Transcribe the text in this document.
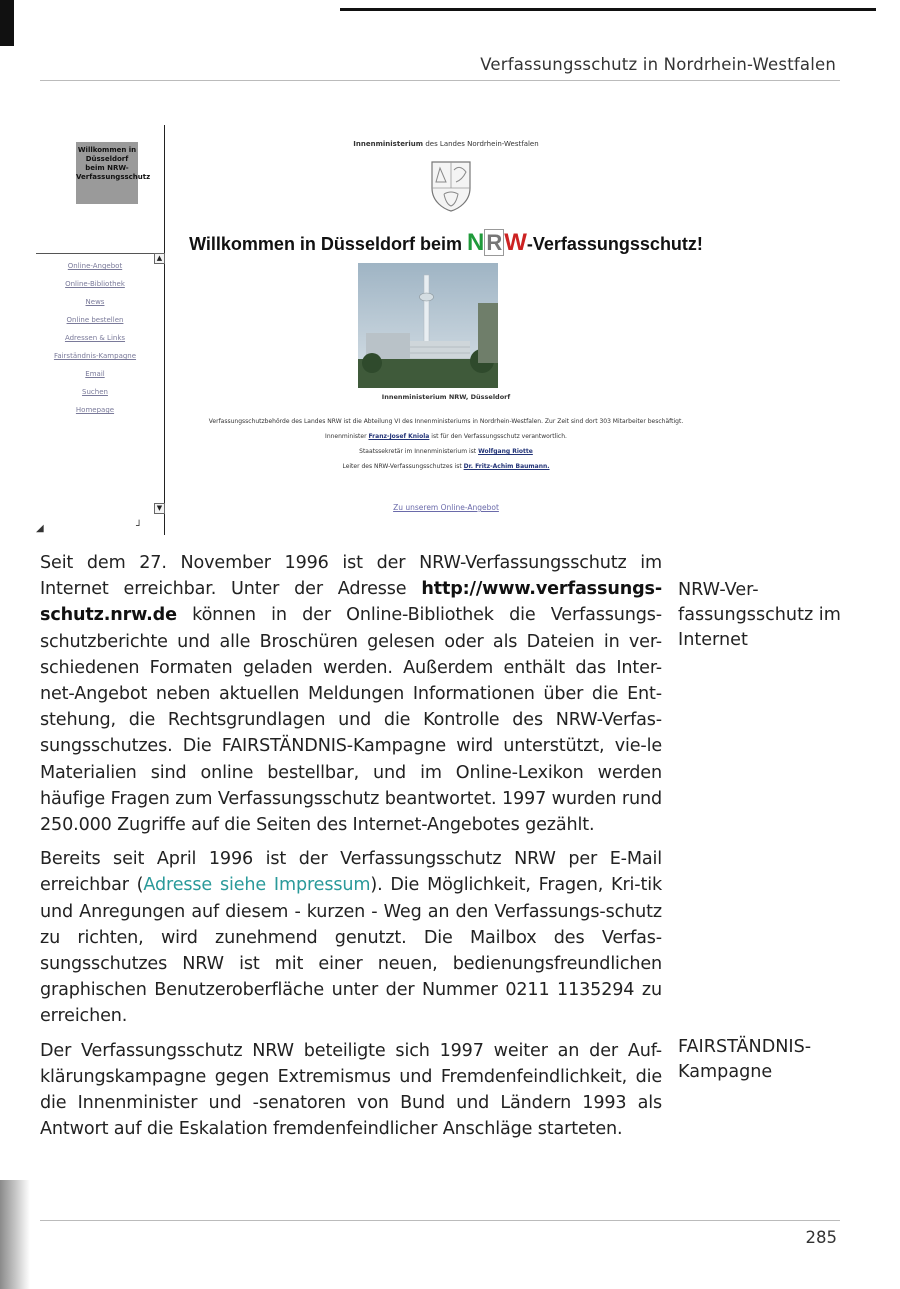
Verfassungsschutz in Nordrhein-Westfalen
Willkommen in Düsseldorf beim NRW-Verfassungsschutz
▲
Online-Angebot
Online-Bibliothek
News
Online bestellen
Adressen & Links
Fairständnis-Kampagne
Email
Suchen
Homepage
▼
◢	┘
Innenministerium des Landes Nordrhein-Westfalen
Willkommen in Düsseldorf beim NRW-Verfassungsschutz!
Innenministerium NRW, Düsseldorf

Verfassungsschutzbehörde des Landes NRW ist die Abteilung VI des Innenministeriums in Nordrhein-Westfalen. Zur Zeit sind dort 303 Mitarbeiter beschäftigt.

Innenminister Franz-Josef Kniola ist für den Verfassungsschutz verantwortlich.

Staatssekretär im Innenministerium ist Wolfgang Riotte

Leiter des NRW-Verfassungsschutzes ist Dr. Fritz-Achim Baumann.

Zu unserem Online-Angebot

Seit dem 27. November 1996 ist der NRW-Verfassungsschutz im Internet erreichbar. Unter der Adresse http://www.verfassungs-schutz.nrw.de können in der Online-Bibliothek die Verfassungs-schutzberichte und alle Broschüren gelesen oder als Dateien in ver-schiedenen Formaten geladen werden. Außerdem enthält das Inter-net-Angebot neben aktuellen Meldungen Informationen über die Ent-stehung, die Rechtsgrundlagen und die Kontrolle des NRW-Verfas-sungsschutzes. Die FAIRSTÄNDNIS-Kampagne wird unterstützt, vie-le Materialien sind online bestellbar, und im Online-Lexikon werden häufige Fragen zum Verfassungsschutz beantwortet. 1997 wurden rund 250.000 Zugriffe auf die Seiten des Internet-Angebotes gezählt.

Bereits seit April 1996 ist der Verfassungsschutz NRW per E-Mail erreichbar (Adresse siehe Impressum). Die Möglichkeit, Fragen, Kri-tik und Anregungen auf diesem - kurzen - Weg an den Verfassungs-schutz zu richten, wird zunehmend genutzt. Die Mailbox des Verfas-sungsschutzes NRW ist mit einer neuen, bedienungsfreundlichen graphischen Benutzeroberfläche unter der Nummer 0211 1135294 zu erreichen.

Der Verfassungsschutz NRW beteiligte sich 1997 weiter an der Auf-klärungskampagne gegen Extremismus und Fremdenfeindlichkeit, die die Innenminister und -senatoren von Bund und Ländern 1993 als Antwort auf die Eskalation fremdenfeindlicher Anschläge starteten.

NRW-Ver-fassungsschutz im Internet
FAIRSTÄNDNIS-Kampagne
285
